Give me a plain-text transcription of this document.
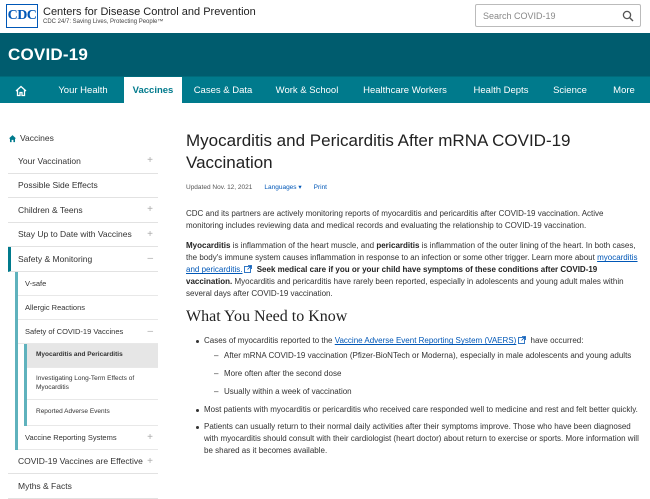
CDC Centers for Disease Control and Prevention
CDC 24/7: Saving Lives, Protecting People™
Search COVID-19
COVID-19
Your Health	Vaccines	Cases & Data	Work & School	Healthcare Workers	Health Depts	Science	More
Vaccines
Your Vaccination	+
Possible Side Effects
Children & Teens	+
Stay Up to Date with Vaccines +
Safety & Monitoring	–
V-safe
Allergic Reactions
Safety of COVID-19 Vaccines –
Myocarditis and Pericarditis
Investigating Long-Term Effects of Myocarditis
Reported Adverse Events
Vaccine Reporting Systems	+
COVID-19 Vaccines are Effective +
Myths & Facts
Myocarditis and Pericarditis After mRNA COVID-19 Vaccination
Updated Nov. 12, 2021 Languages ▾ Print

CDC and its partners are actively monitoring reports of myocarditis and pericarditis after COVID-19 vaccination. Active monitoring includes reviewing data and medical records and evaluating the relationship to COVID-19 vaccination.

Myocarditis is inflammation of the heart muscle, and pericarditis is inflammation of the outer lining of the heart. In both cases, the body's immune system causes inflammation in response to an infection or some other trigger. Learn more about myocarditis and pericarditis. Seek medical care if you or your child have symptoms of these conditions after COVID-19 vaccination. Myocarditis and pericarditis have rarely been reported, especially in adolescents and young adult males within several days after COVID-19 vaccination.

What You Need to Know
Cases of myocarditis reported to the Vaccine Adverse Event Reporting System (VAERS) have occurred:
– After mRNA COVID-19 vaccination (Pfizer-BioNTech or Moderna), especially in male adolescents and young adults
– More often after the second dose
– Usually within a week of vaccination
Most patients with myocarditis or pericarditis who received care responded well to medicine and rest and felt better quickly.
Patients can usually return to their normal daily activities after their symptoms improve. Those who have been diagnosed with myocarditis should consult with their cardiologist (heart doctor) about return to exercise or sports. More information will be shared as it becomes available.
